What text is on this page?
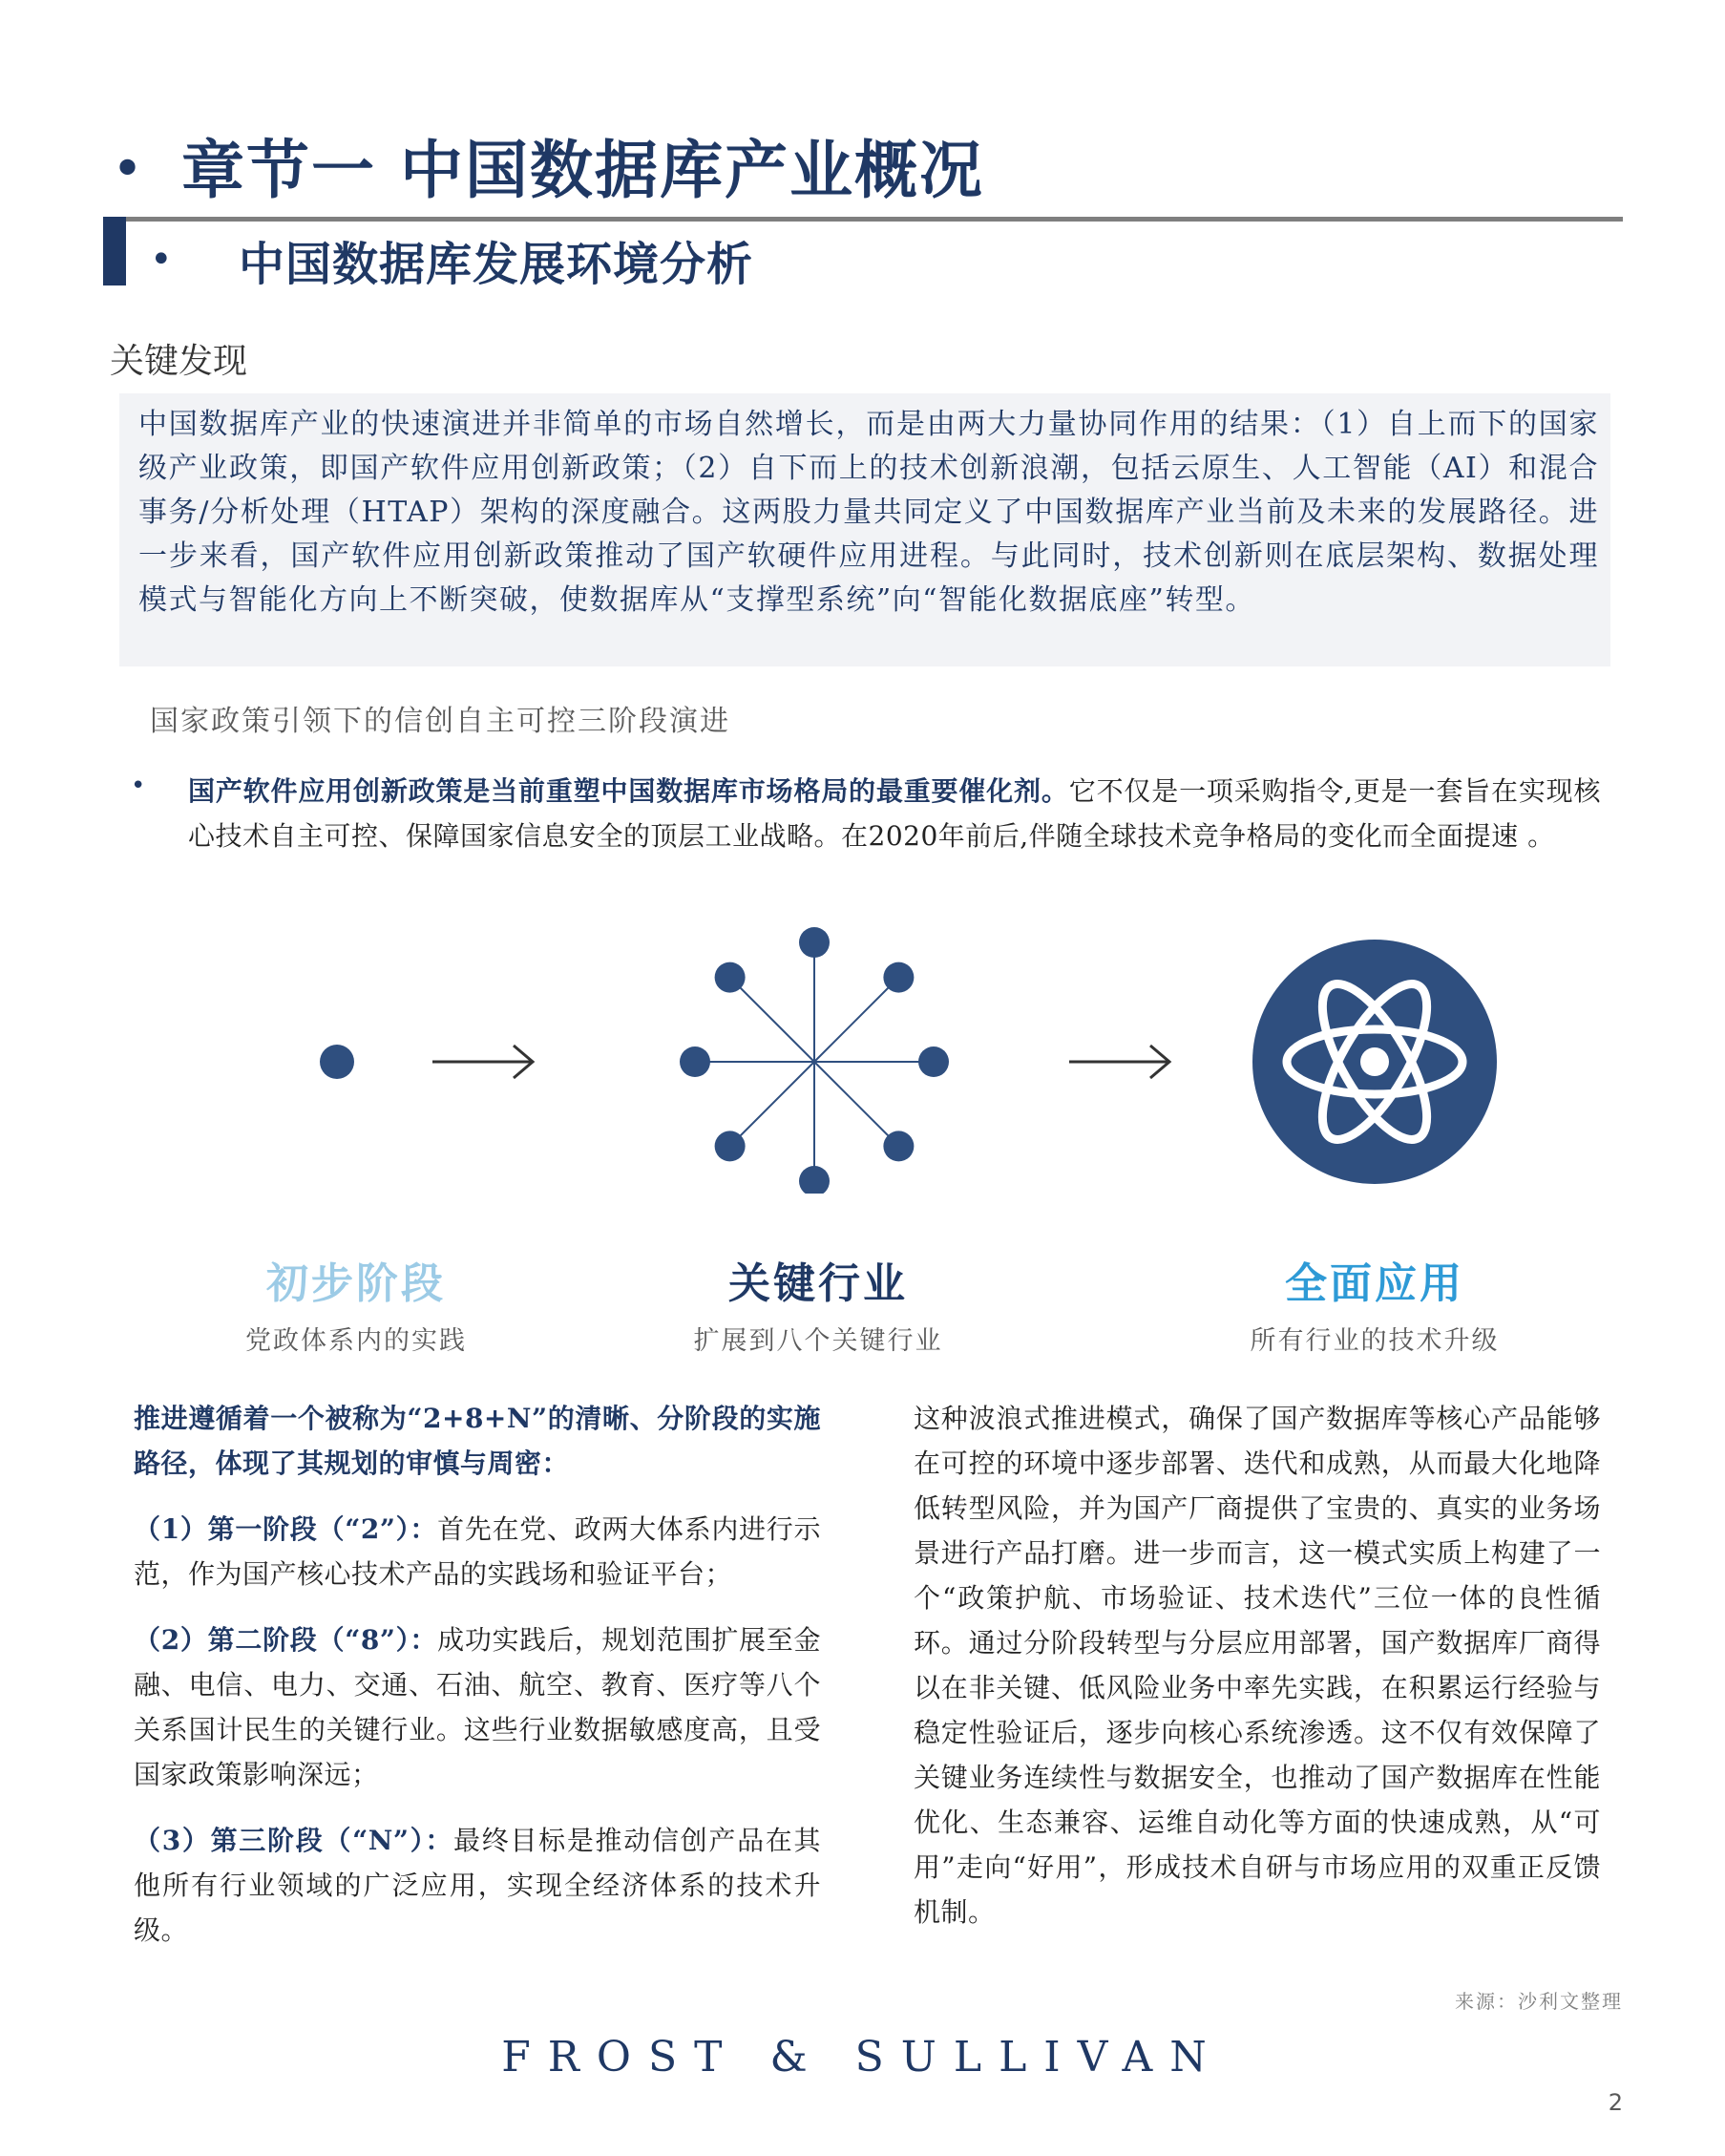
• 章节一 中国数据库产业概况
• 中国数据库发展环境分析
关键发现
中国数据库产业的快速演进并非简单的市场自然增长，而是由两大力量协同作用的结果：（1）自上而下的国家级产业政策，即国产软件应用创新政策；（2）自下而上的技术创新浪潮，包括云原生、人工智能（AI）和混合事务/分析处理（HTAP）架构的深度融合。这两股力量共同定义了中国数据库产业当前及未来的发展路径。进一步来看，国产软件应用创新政策推动了国产软硬件应用进程。与此同时，技术创新则在底层架构、数据处理模式与智能化方向上不断突破，使数据库从“支撑型系统”向“智能化数据底座”转型。
国家政策引领下的信创自主可控三阶段演进
• 国产软件应用创新政策是当前重塑中国数据库市场格局的最重要催化剂。它不仅是一项采购指令,更是一套旨在实现核心技术自主可控、保障国家信息安全的顶层工业战略。在2020年前后,伴随全球技术竞争格局的变化而全面提速 。
初步阶段
党政体系内的实践
关键行业
扩展到八个关键行业
全面应用
所有行业的技术升级

推进遵循着一个被称为“2+8+N”的清晰、分阶段的实施路径，体现了其规划的审慎与周密：

（1）第一阶段（“2”）：首先在党、政两大体系内进行示范，作为国产核心技术产品的实践场和验证平台；

（2）第二阶段（“8”）：成功实践后，规划范围扩展至金融、电信、电力、交通、石油、航空、教育、医疗等八个关系国计民生的关键行业。这些行业数据敏感度高，且受国家政策影响深远；

（3）第三阶段（“N”）：最终目标是推动信创产品在其他所有行业领域的广泛应用，实现全经济体系的技术升级。

这种波浪式推进模式，确保了国产数据库等核心产品能够在可控的环境中逐步部署、迭代和成熟，从而最大化地降低转型风险，并为国产厂商提供了宝贵的、真实的业务场景进行产品打磨。进一步而言，这一模式实质上构建了一个“政策护航、市场验证、技术迭代”三位一体的良性循环。通过分阶段转型与分层应用部署，国产数据库厂商得以在非关键、低风险业务中率先实践，在积累运行经验与稳定性验证后，逐步向核心系统渗透。这不仅有效保障了关键业务连续性与数据安全，也推动了国产数据库在性能优化、生态兼容、运维自动化等方面的快速成熟，从“可用”走向“好用”，形成技术自研与市场应用的双重正反馈机制。
来源：沙利文整理
FROST & SULLIVAN
2
